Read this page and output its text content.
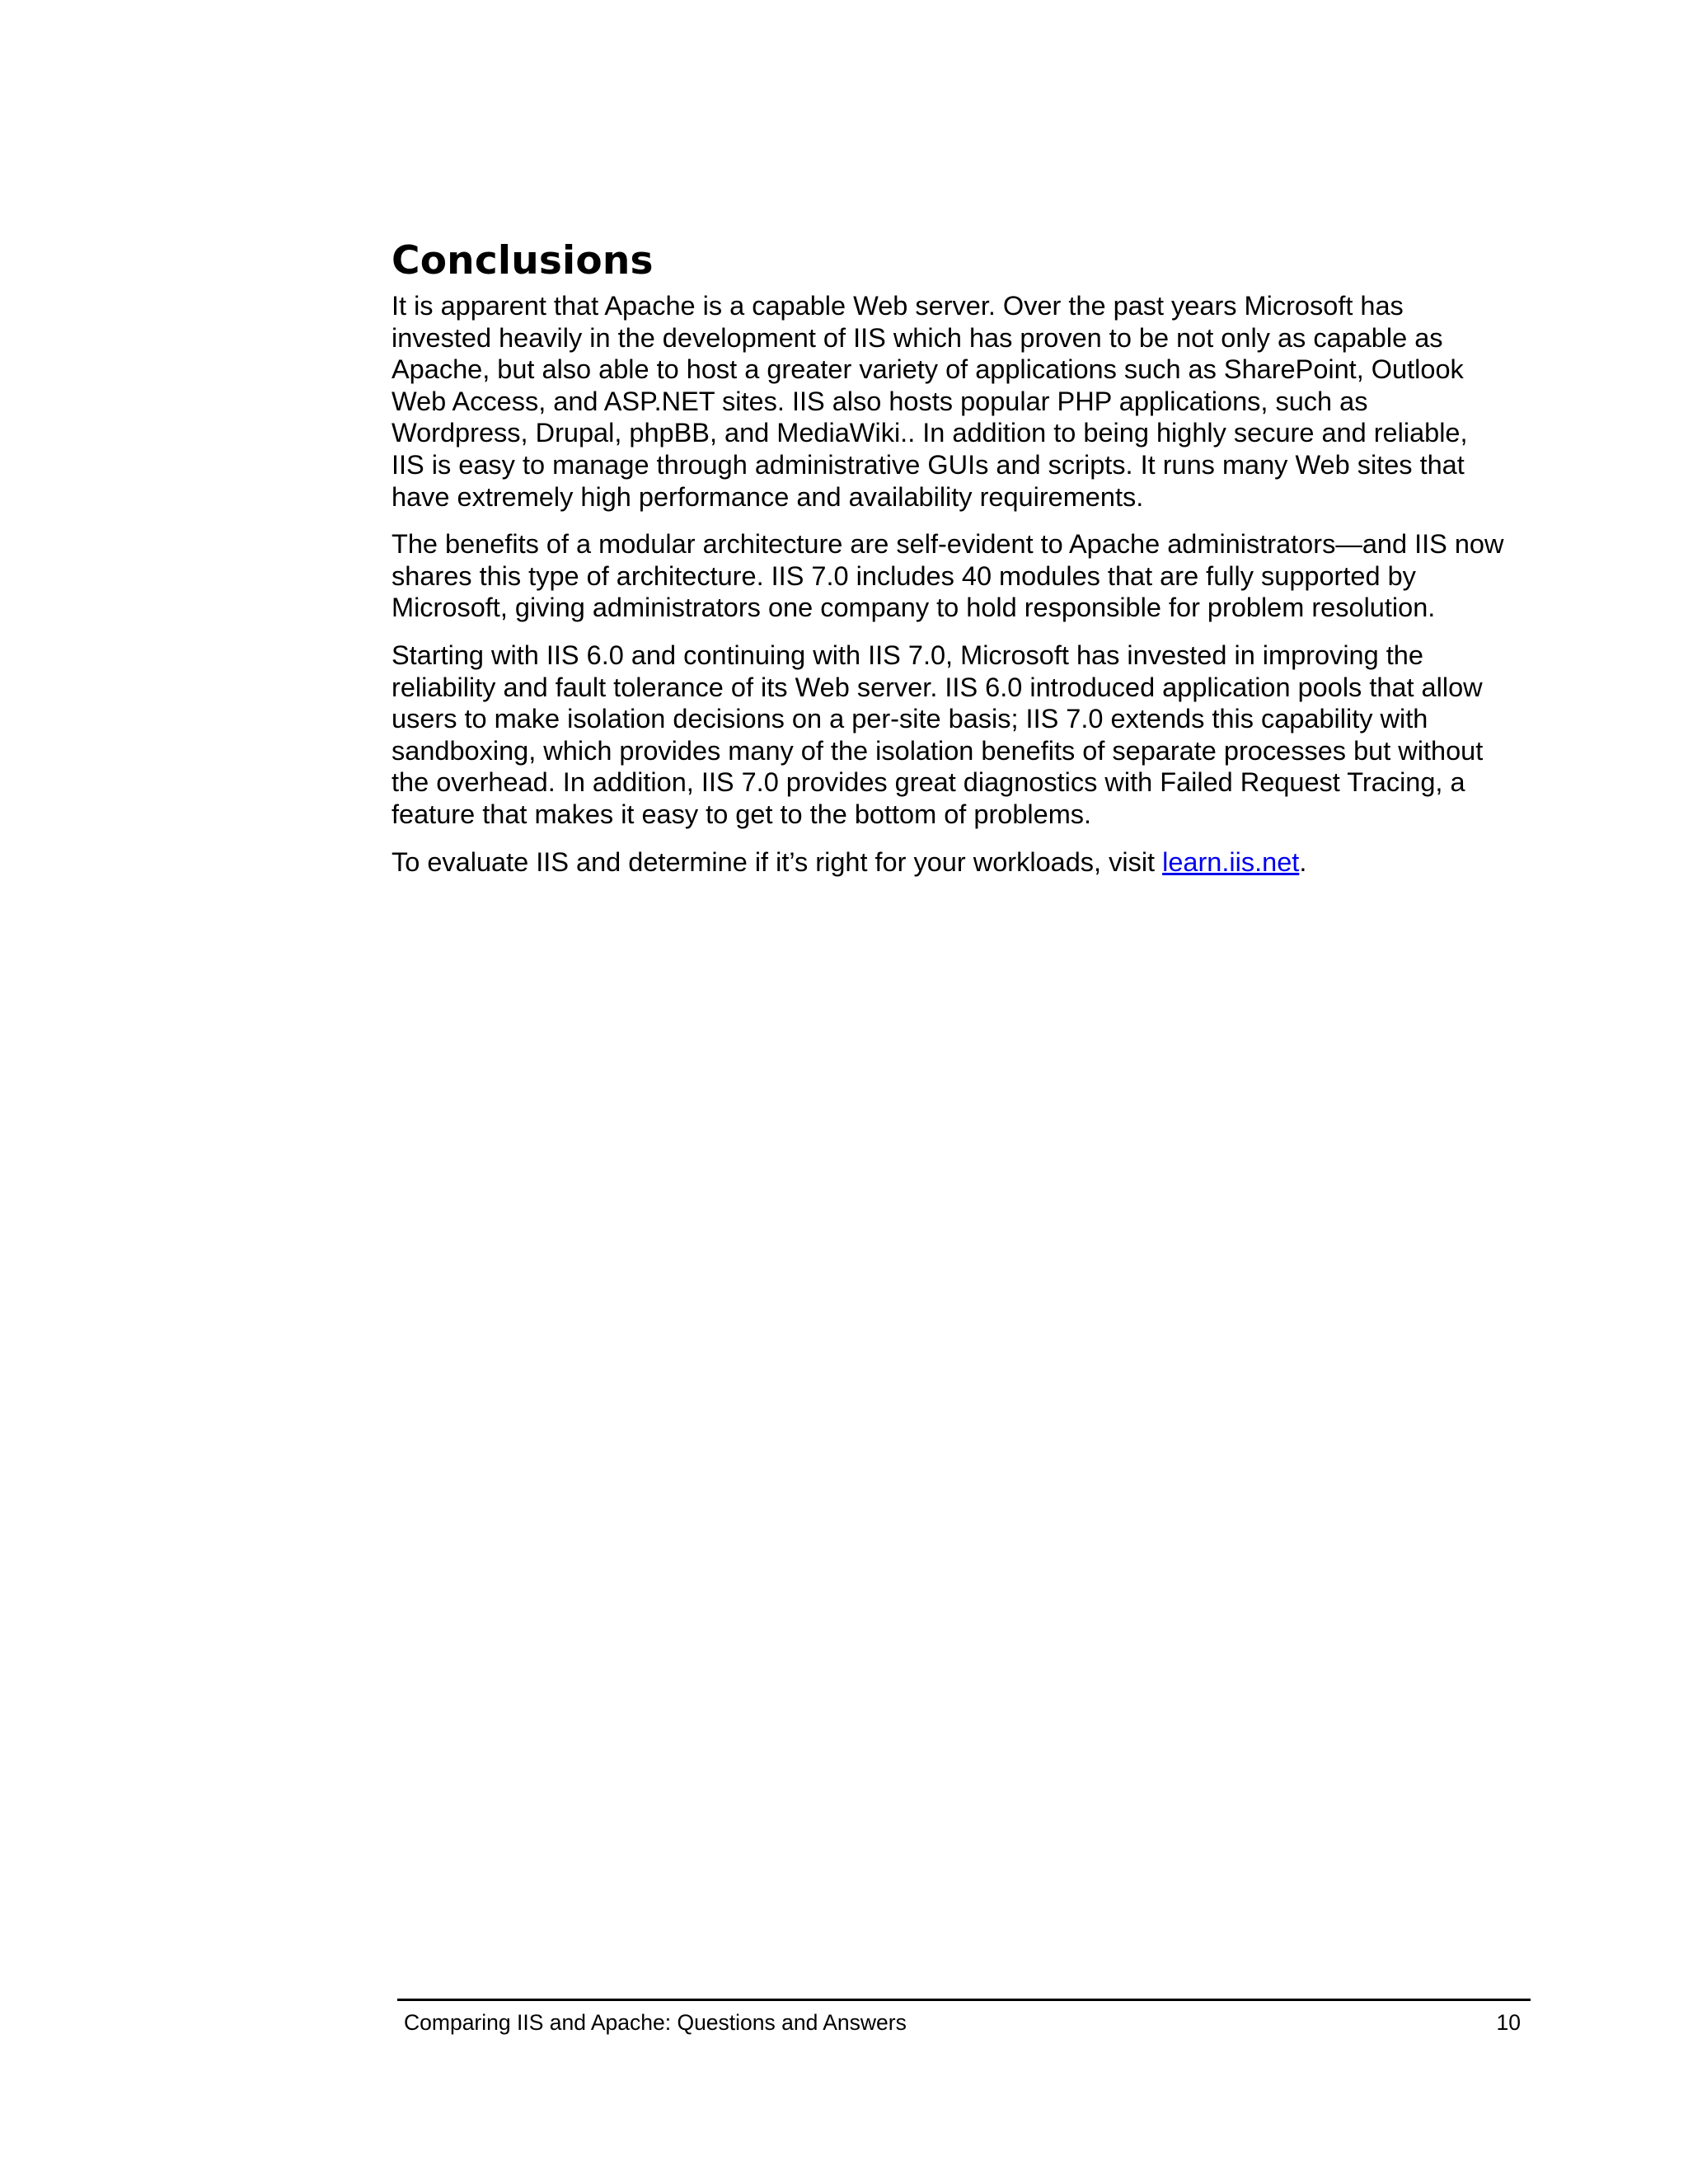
Conclusions

It is apparent that Apache is a capable Web server. Over the past years Microsoft has
invested heavily in the development of IIS which has proven to be not only as capable as
Apache, but also able to host a greater variety of applications such as SharePoint, Outlook
Web Access, and ASP.NET sites. IIS also hosts popular PHP applications, such as
Wordpress, Drupal, phpBB, and MediaWiki.. In addition to being highly secure and reliable,
IIS is easy to manage through administrative GUIs and scripts. It runs many Web sites that
have extremely high performance and availability requirements.

The benefits of a modular architecture are self-evident to Apache administrators—and IIS now
shares this type of architecture. IIS 7.0 includes 40 modules that are fully supported by
Microsoft, giving administrators one company to hold responsible for problem resolution.

Starting with IIS 6.0 and continuing with IIS 7.0, Microsoft has invested in improving the
reliability and fault tolerance of its Web server. IIS 6.0 introduced application pools that allow
users to make isolation decisions on a per-site basis; IIS 7.0 extends this capability with
sandboxing, which provides many of the isolation benefits of separate processes but without
the overhead. In addition, IIS 7.0 provides great diagnostics with Failed Request Tracing, a
feature that makes it easy to get to the bottom of problems.

To evaluate IIS and determine if it’s right for your workloads, visit learn.iis.net.

Comparing IIS and Apache: Questions and Answers	10
